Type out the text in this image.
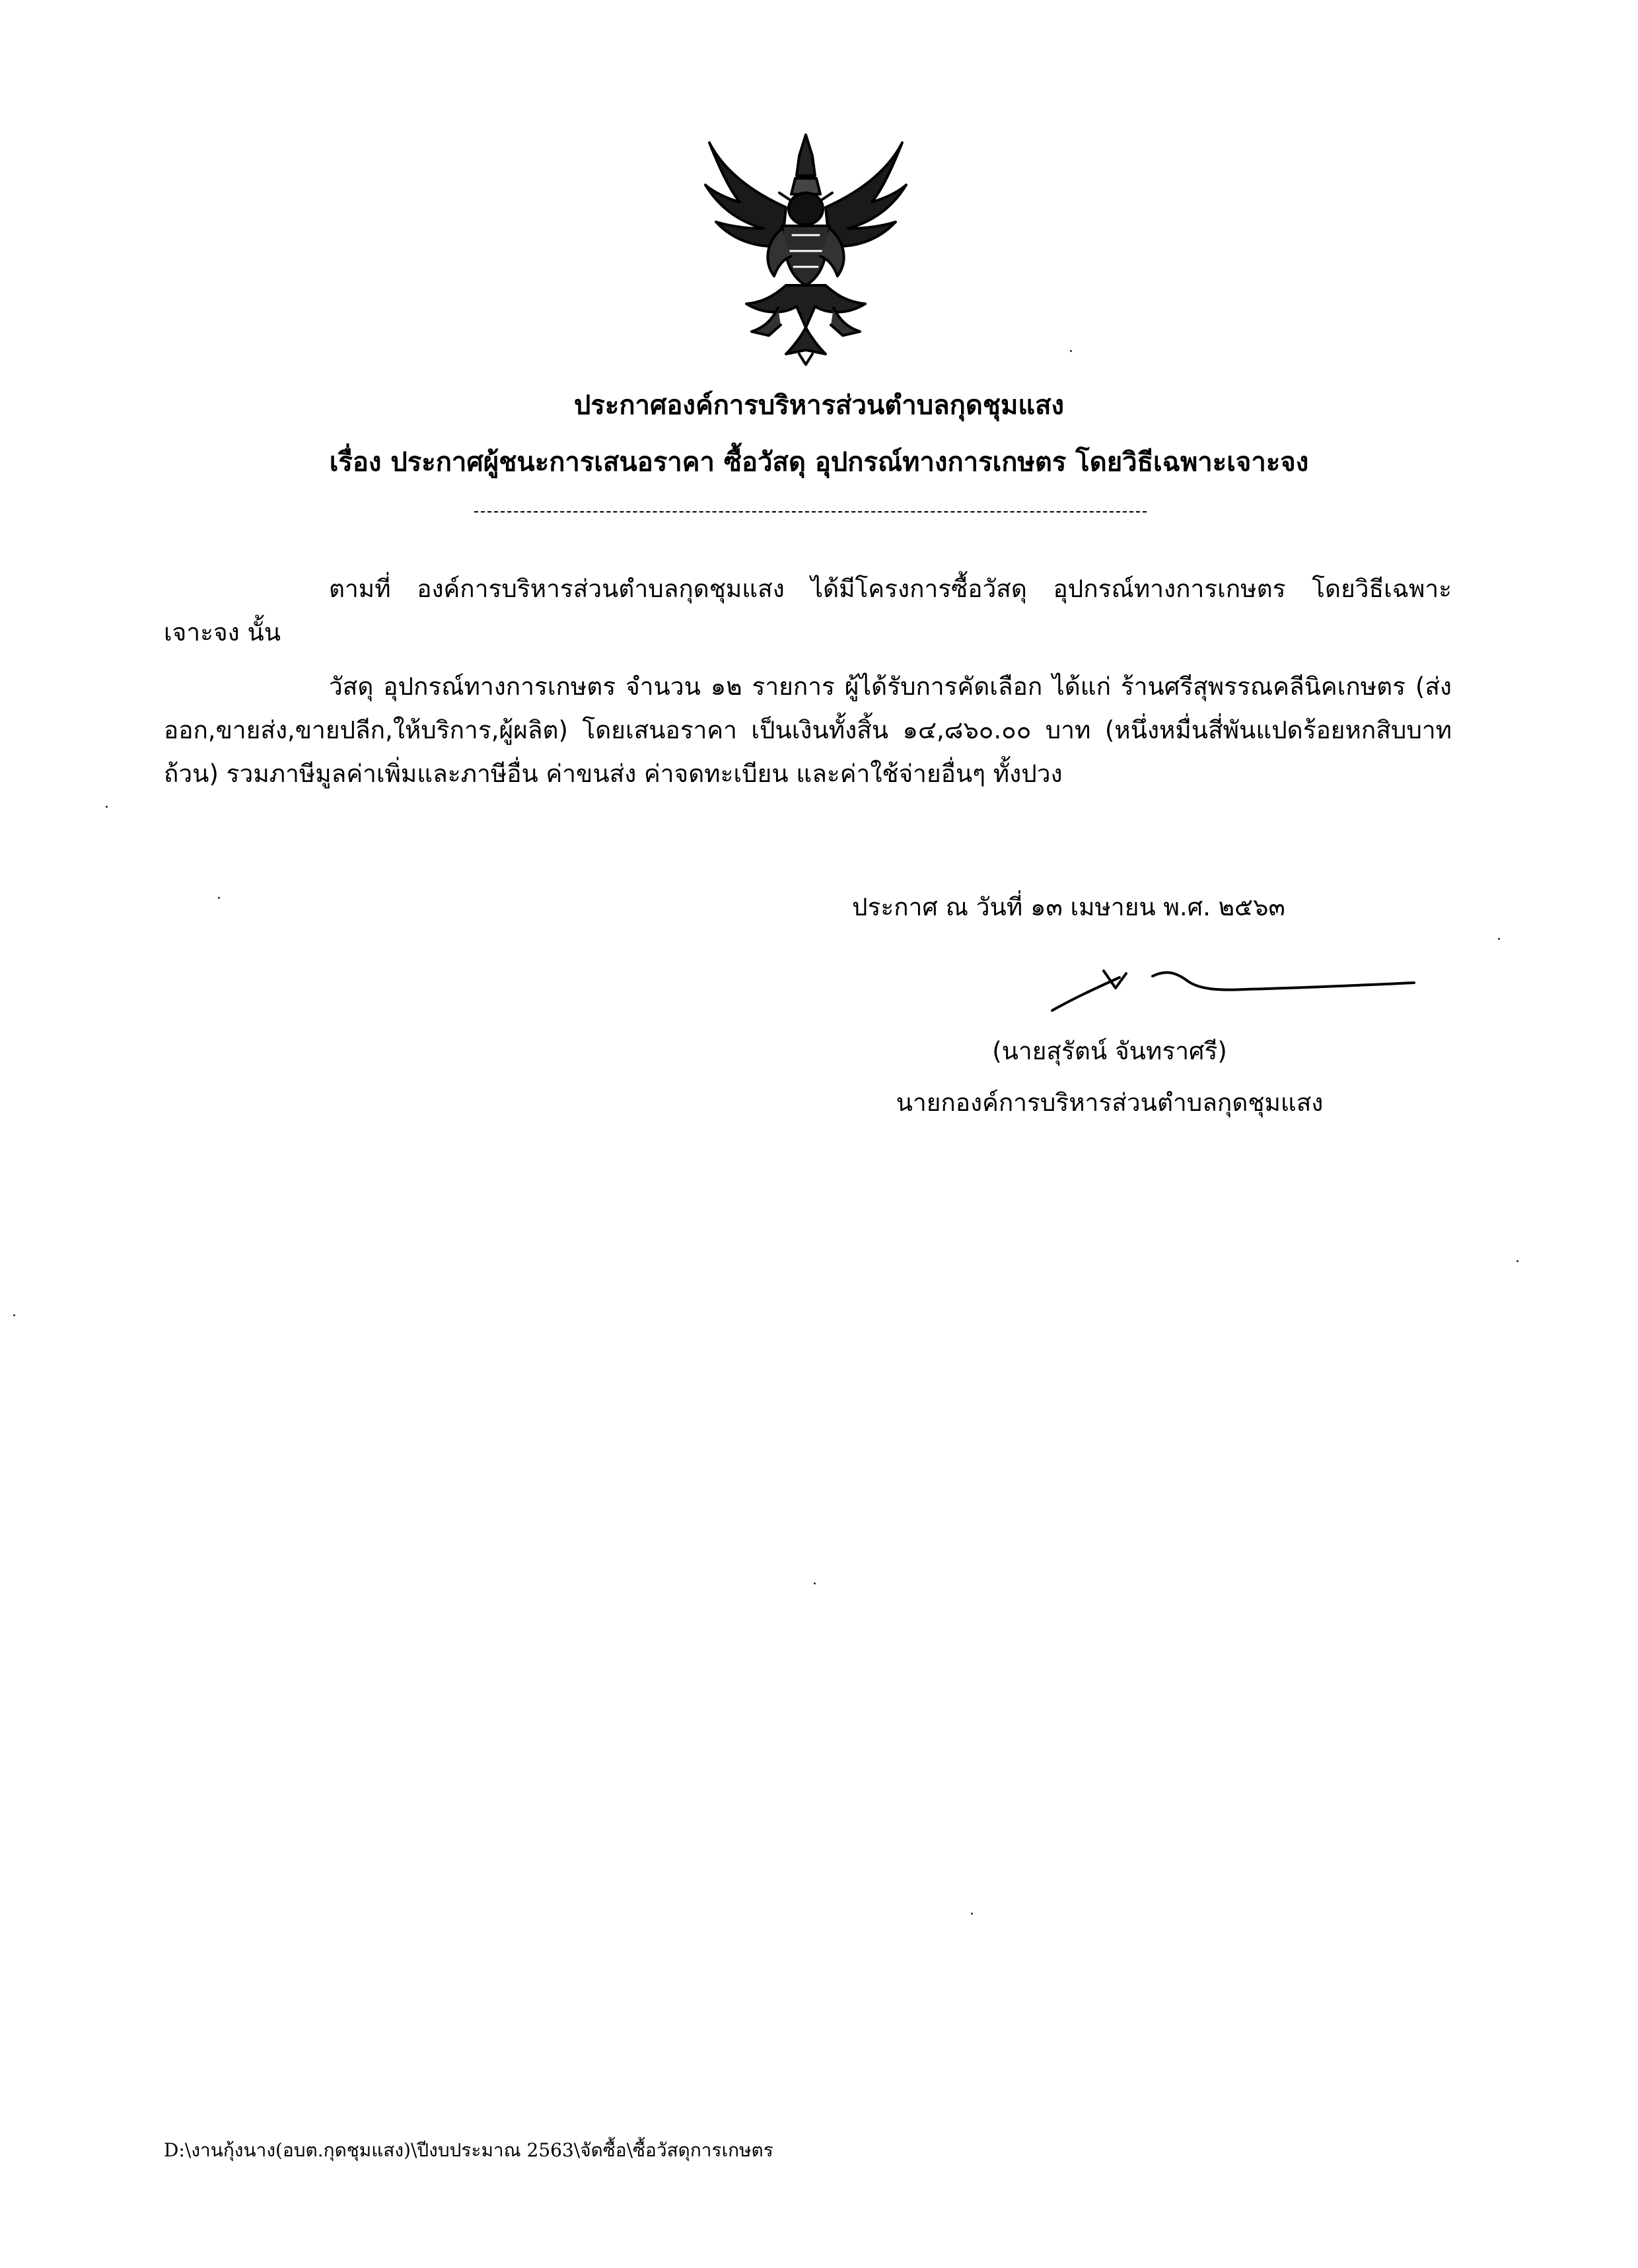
ประกาศองค์การบริหารส่วนตำบลกุดชุมแสง
เรื่อง ประกาศผู้ชนะการเสนอราคา ซื้อวัสดุ อุปกรณ์ทางการเกษตร โดยวิธีเฉพาะเจาะจง

ตามที่ องค์การบริหารส่วนตำบลกุดชุมแสง ได้มีโครงการซื้อวัสดุ อุปกรณ์ทางการเกษตร โดยวิธีเฉพาะเจาะจง นั้น

วัสดุ อุปกรณ์ทางการเกษตร จำนวน ๑๒ รายการ ผู้ได้รับการคัดเลือก ได้แก่ ร้านศรีสุพรรณคลีนิคเกษตร (ส่งออก,ขายส่ง,ขายปลีก,ให้บริการ,ผู้ผลิต) โดยเสนอราคา เป็นเงินทั้งสิ้น ๑๔,๘๖๐.๐๐ บาท (หนึ่งหมื่นสี่พันแปดร้อยหกสิบบาทถ้วน) รวมภาษีมูลค่าเพิ่มและภาษีอื่น ค่าขนส่ง ค่าจดทะเบียน และค่าใช้จ่ายอื่นๆ ทั้งปวง

ประกาศ ณ วันที่ ๑๓ เมษายน พ.ศ. ๒๕๖๓
(นายสุรัตน์ จันทราศรี)
นายกองค์การบริหารส่วนตำบลกุดชุมแสง
D:\งานกุ้งนาง(อบต.กุดชุมแสง)\ปีงบประมาณ 2563\จัดซื้อ\ซื้อวัสดุการเกษตร
